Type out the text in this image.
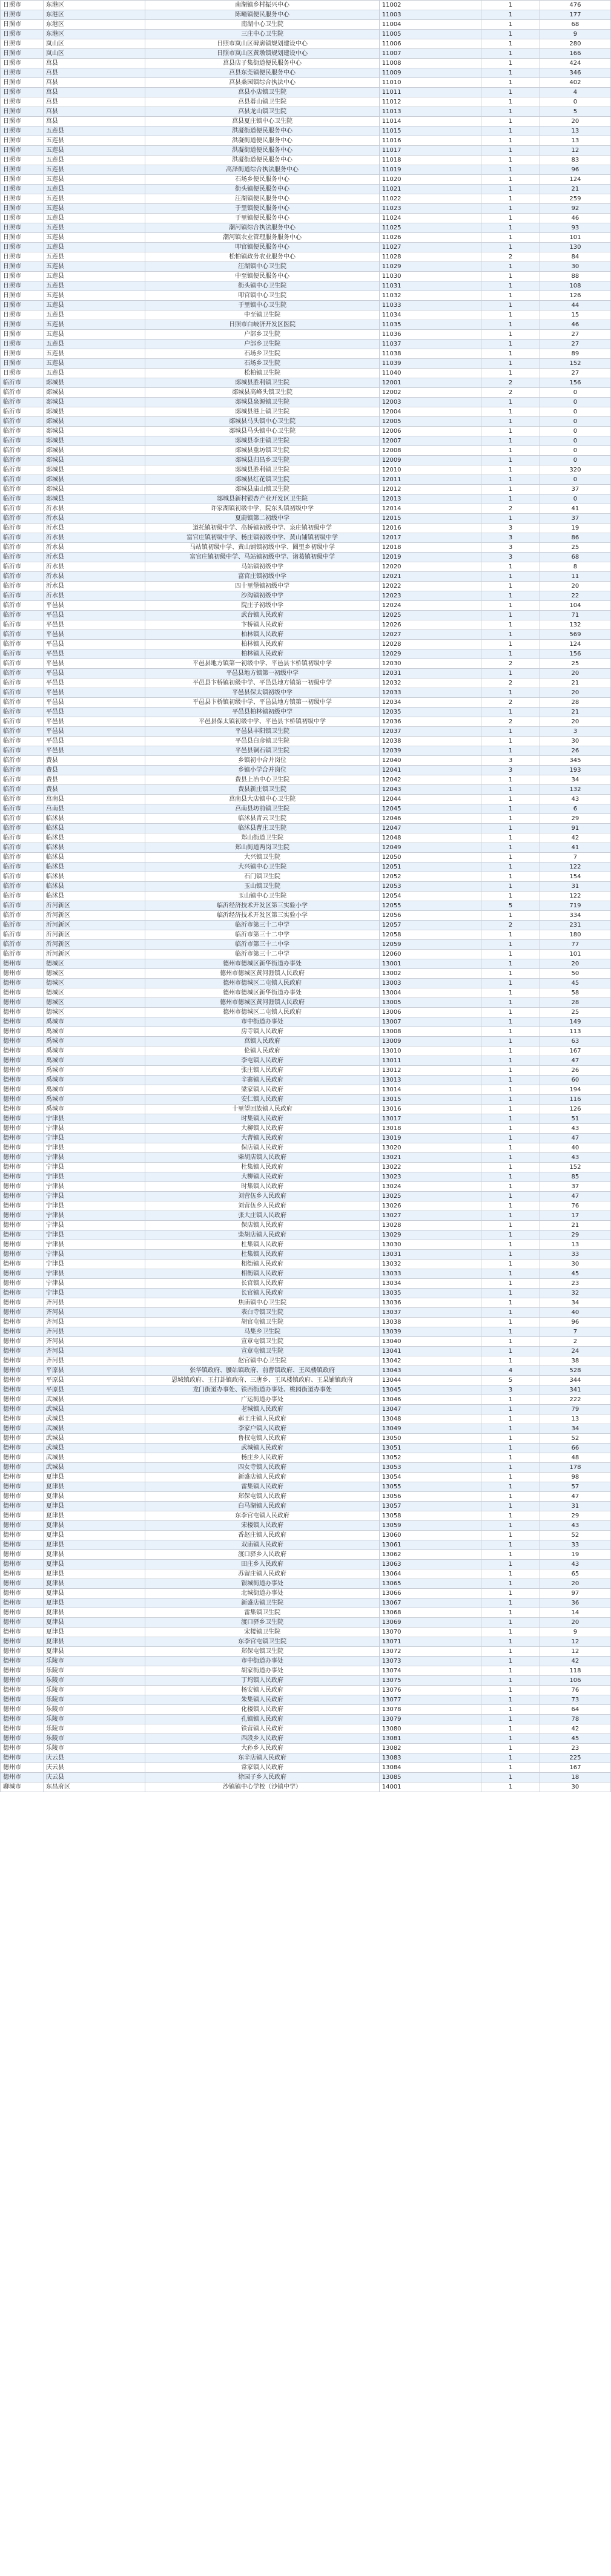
日照市	东港区	南湖镇乡村振兴中心	11002	1	476
日照市	东港区	陈疃镇便民服务中心	11003	1	177
日照市	东港区	南湖中心卫生院	11004	1	68
日照市	东港区	三庄中心卫生院	11005	1	9
日照市	岚山区	日照市岚山区碑廓镇规划建设中心	11006	1	280
日照市	岚山区	日照市岚山区黄墩镇规划建设中心	11007	1	166
日照市	莒县	莒县店子集街道便民服务中心	11008	1	424
日照市	莒县	莒县东莞镇便民服务中心	11009	1	346
日照市	莒县	莒县桑园镇综合执法中心	11010	1	402
日照市	莒县	莒县小店镇卫生院	11011	1	4
日照市	莒县	莒县碁山镇卫生院	11012	1	0
日照市	莒县	莒县龙山镇卫生院	11013	1	5
日照市	莒县	莒县夏庄镇中心卫生院	11014	1	20
日照市	五莲县	洪凝街道便民服务中心	11015	1	13
日照市	五莲县	洪凝街道便民服务中心	11016	1	13
日照市	五莲县	洪凝街道便民服务中心	11017	1	12
日照市	五莲县	洪凝街道便民服务中心	11018	1	83
日照市	五莲县	高泽街道综合执法服务中心	11019	1	96
日照市	五莲县	石场乡便民服务中心	11020	1	124
日照市	五莲县	街头镇便民服务中心	11021	1	21
日照市	五莲县	汪湖镇便民服务中心	11022	1	259
日照市	五莲县	于里镇便民服务中心	11023	1	92
日照市	五莲县	于里镇便民服务中心	11024	1	46
日照市	五莲县	潮河镇综合执法服务中心	11025	1	93
日照市	五莲县	潮河镇农业管理服务服务中心	11026	1	101
日照市	五莲县	叩官镇便民服务中心	11027	1	130
日照市	五莲县	松柏镇政务农业服务中心	11028	2	84
日照市	五莲县	汪湖镇中心卫生院	11029	1	30
日照市	五莲县	中至镇便民服务中心	11030	1	88
日照市	五莲县	街头镇中心卫生院	11031	1	108
日照市	五莲县	叩官镇中心卫生院	11032	1	126
日照市	五莲县	于里镇中心卫生院	11033	1	44
日照市	五莲县	中至镇卫生院	11034	1	15
日照市	五莲县	日照市白岐济开发区医院	11035	1	46
日照市	五莲县	户部乡卫生院	11036	1	27
日照市	五莲县	户部乡卫生院	11037	1	27
日照市	五莲县	石场乡卫生院	11038	1	89
日照市	五莲县	石场乡卫生院	11039	1	152
日照市	五莲县	松柏镇卫生院	11040	1	27
临沂市	郯城县	郯城县胜利镇卫生院	12001	2	156
临沂市	郯城县	郯城县高峰头镇卫生院	12002	2	0
临沂市	郯城县	郯城县泉源镇卫生院	12003	1	0
临沂市	郯城县	郯城县港上镇卫生院	12004	1	0
临沂市	郯城县	郯城县马头镇中心卫生院	12005	1	0
临沂市	郯城县	郯城县马头镇中心卫生院	12006	1	0
临沂市	郯城县	郯城县李庄镇卫生院	12007	1	0
临沂市	郯城县	郯城县重坊镇卫生院	12008	1	0
临沂市	郯城县	郯城县归昌乡卫生院	12009	1	0
临沂市	郯城县	郯城县胜利镇卫生院	12010	1	320
临沂市	郯城县	郯城县红花镇卫生院	12011	1	0
临沂市	郯城县	郯城县庙山镇卫生院	12012	1	37
临沂市	郯城县	郯城县新村银杏产业开发区卫生院	12013	1	0
临沂市	沂水县	许家湖镇初级中学，院东头镇初级中学	12014	2	41
临沂市	沂水县	夏蔚镇第二初级中学	12015	1	37
临沂市	沂水县	道托镇初级中学、高桥镇初级中学、泉庄镇初级中学	12016	3	19
临沂市	沂水县	富官庄镇初级中学、杨庄镇初级中学、黄山铺镇初级中学	12017	3	86
临沂市	沂水县	马站镇初级中学、黄山铺镇初级中学、圈里乡初级中学	12018	3	25
临沂市	沂水县	富官庄镇初级中学、马站镇初级中学、诸葛镇初级中学	12019	3	68
临沂市	沂水县	马站镇初级中学	12020	1	8
临沂市	沂水县	富官庄镇初级中学	12021	1	11
临沂市	沂水县	四十里堡镇初级中学	12022	1	20
临沂市	沂水县	沙沟镇初级中学	12023	1	22
临沂市	平邑县	院庄子初级中学	12024	1	104
临沂市	平邑县	武台镇人民政府	12025	1	71
临沂市	平邑县	卞桥镇人民政府	12026	1	132
临沂市	平邑县	柏林镇人民政府	12027	1	569
临沂市	平邑县	柏林镇人民政府	12028	1	124
临沂市	平邑县	柏林镇人民政府	12029	1	156
临沂市	平邑县	平邑县地方镇第一初级中学、平邑县卞桥镇初级中学	12030	2	25
临沂市	平邑县	平邑县地方镇第一初级中学	12031	1	20
临沂市	平邑县	平邑县卞桥镇初级中学、平邑县地方镇第一初级中学	12032	2	21
临沂市	平邑县	平邑县保太镇初级中学	12033	1	20
临沂市	平邑县	平邑县卞桥镇初级中学、平邑县地方镇第一初级中学	12034	2	28
临沂市	平邑县	平邑县柏林镇初级中学	12035	1	21
临沂市	平邑县	平邑县保太镇初级中学、平邑县卞桥镇初级中学	12036	2	20
临沂市	平邑县	平邑县丰阳镇卫生院	12037	1	3
临沂市	平邑县	平邑县白彦镇卫生院	12038	1	30
临沂市	平邑县	平邑县铜石镇卫生院	12039	1	26
临沂市	费县	乡镇初中合并岗位	12040	3	345
临沂市	费县	乡镇小学合并岗位	12041	3	193
临沂市	费县	费县上冶中心卫生院	12042	1	34
临沂市	费县	费县新庄镇卫生院	12043	1	132
临沂市	莒南县	莒南县大店镇中心卫生院	12044	1	43
临沂市	莒南县	莒南县坊前镇卫生院	12045	1	6
临沂市	临沭县	临沭县青云卫生院	12046	1	29
临沂市	临沭县	临沭县曹庄卫生院	12047	1	91
临沂市	临沭县	郑山街道卫生院	12048	1	42
临沂市	临沭县	郑山街道两岗卫生院	12049	1	41
临沂市	临沭县	大兴镇卫生院	12050	1	7
临沂市	临沭县	大兴镇中心卫生院	12051	1	122
临沂市	临沭县	石门镇卫生院	12052	1	154
临沂市	临沭县	玉山镇卫生院	12053	1	31
临沂市	临沭县	玉山镇中心卫生院	12054	1	122
临沂市	沂河新区	临沂经济技术开发区第三实验小学	12055	5	719
临沂市	沂河新区	临沂经济技术开发区第三实验小学	12056	1	334
临沂市	沂河新区	临沂市第三十二中学	12057	2	231
临沂市	沂河新区	临沂市第三十二中学	12058	1	180
临沂市	沂河新区	临沂市第三十二中学	12059	1	77
临沂市	沂河新区	临沂市第三十二中学	12060	1	101
德州市	德城区	德州市德城区新华街道办事处	13001	1	20
德州市	德城区	德州市德城区黄河涯镇人民政府	13002	1	50
德州市	德城区	德州市德城区二屯镇人民政府	13003	1	45
德州市	德城区	德州市德城区新华街道办事处	13004	1	58
德州市	德城区	德州市德城区黄河涯镇人民政府	13005	1	28
德州市	德城区	德州市德城区二屯镇人民政府	13006	1	25
德州市	禹城市	市中街道办事处	13007	1	149
德州市	禹城市	房寺镇人民政府	13008	1	113
德州市	禹城市	莒镇人民政府	13009	1	63
德州市	禹城市	伦镇人民政府	13010	1	167
德州市	禹城市	李屯镇人民政府	13011	1	47
德州市	禹城市	张庄镇人民政府	13012	1	26
德州市	禹城市	辛寨镇人民政府	13013	1	60
德州市	禹城市	梁家镇人民政府	13014	1	194
德州市	禹城市	安仁镇人民政府	13015	1	116
德州市	禹城市	十里望回族镇人民政府	13016	1	126
德州市	宁津县	时集镇人民政府	13017	1	51
德州市	宁津县	大柳镇人民政府	13018	1	43
德州市	宁津县	大曹镇人民政府	13019	1	47
德州市	宁津县	保店镇人民政府	13020	1	40
德州市	宁津县	柴胡店镇人民政府	13021	1	43
德州市	宁津县	杜集镇人民政府	13022	1	152
德州市	宁津县	大柳镇人民政府	13023	1	85
德州市	宁津县	时集镇人民政府	13024	1	37
德州市	宁津县	刘营伍乡人民政府	13025	1	47
德州市	宁津县	刘营伍乡人民政府	13026	1	76
德州市	宁津县	张大庄镇人民政府	13027	1	17
德州市	宁津县	保店镇人民政府	13028	1	21
德州市	宁津县	柴胡店镇人民政府	13029	1	29
德州市	宁津县	杜集镇人民政府	13030	1	13
德州市	宁津县	杜集镇人民政府	13031	1	33
德州市	宁津县	相衙镇人民政府	13032	1	30
德州市	宁津县	相衙镇人民政府	13033	1	45
德州市	宁津县	长官镇人民政府	13034	1	23
德州市	宁津县	长官镇人民政府	13035	1	32
德州市	齐河县	焦庙镇中心卫生院	13036	1	34
德州市	齐河县	表白寺镇卫生院	13037	1	40
德州市	齐河县	胡官屯镇卫生院	13038	1	96
德州市	齐河县	马集乡卫生院	13039	1	7
德州市	齐河县	宣章屯镇卫生院	13040	1	2
德州市	齐河县	宣章屯镇卫生院	13041	1	24
德州市	齐河县	赵官镇中心卫生院	13042	1	38
德州市	平原县	张华镇政府、腰站镇政府、前曹镇政府、王凤楼镇政府	13043	4	528
德州市	平原县	恩城镇政府、王打卦镇政府、三唐乡、王凤楼镇政府、王杲铺镇政府	13044	5	344
德州市	平原县	龙门街道办事处、铁西街道办事处、桃园街道办事处	13045	3	341
德州市	武城县	广运街道办事处	13046	1	222
德州市	武城县	老城镇人民政府	13047	1	79
德州市	武城县	郝王庄镇人民政府	13048	1	13
德州市	武城县	李家户镇人民政府	13049	1	34
德州市	武城县	鲁权屯镇人民政府	13050	1	52
德州市	武城县	武城镇人民政府	13051	1	66
德州市	武城县	杨庄乡人民政府	13052	1	48
德州市	武城县	四女寺镇人民政府	13053	1	178
德州市	夏津县	新盛店镇人民政府	13054	1	98
德州市	夏津县	雷集镇人民政府	13055	1	57
德州市	夏津县	郑保屯镇人民政府	13056	1	47
德州市	夏津县	白马湖镇人民政府	13057	1	31
德州市	夏津县	东李官屯镇人民政府	13058	1	29
德州市	夏津县	宋楼镇人民政府	13059	1	43
德州市	夏津县	香赵庄镇人民政府	13060	1	52
德州市	夏津县	双庙镇人民政府	13061	1	33
德州市	夏津县	渡口驿乡人民政府	13062	1	19
德州市	夏津县	田庄乡人民政府	13063	1	43
德州市	夏津县	苏留庄镇人民政府	13064	1	65
德州市	夏津县	银城街道办事处	13065	1	20
德州市	夏津县	北城街道办事处	13066	1	97
德州市	夏津县	新盛店镇卫生院	13067	1	36
德州市	夏津县	雷集镇卫生院	13068	1	14
德州市	夏津县	渡口驿乡卫生院	13069	1	20
德州市	夏津县	宋楼镇卫生院	13070	1	9
德州市	夏津县	东李官屯镇卫生院	13071	1	12
德州市	夏津县	郑保屯镇卫生院	13072	1	12
德州市	乐陵市	市中街道办事处	13073	1	42
德州市	乐陵市	胡家街道办事处	13074	1	118
德州市	乐陵市	丁坞镇人民政府	13075	1	106
德州市	乐陵市	杨安镇人民政府	13076	1	76
德州市	乐陵市	朱集镇人民政府	13077	1	73
德州市	乐陵市	化楼镇人民政府	13078	1	64
德州市	乐陵市	孔镇镇人民政府	13079	1	78
德州市	乐陵市	铁营镇人民政府	13080	1	42
德州市	乐陵市	西段乡人民政府	13081	1	45
德州市	乐陵市	大孙乡人民政府	13082	1	23
德州市	庆云县	东辛店镇人民政府	13083	1	225
德州市	庆云县	常家镇人民政府	13084	1	167
德州市	庆云县	徐园子乡人民政府	13085	1	18
聊城市	东昌府区	沙镇镇中心学校（沙镇中学）	14001	1	30
